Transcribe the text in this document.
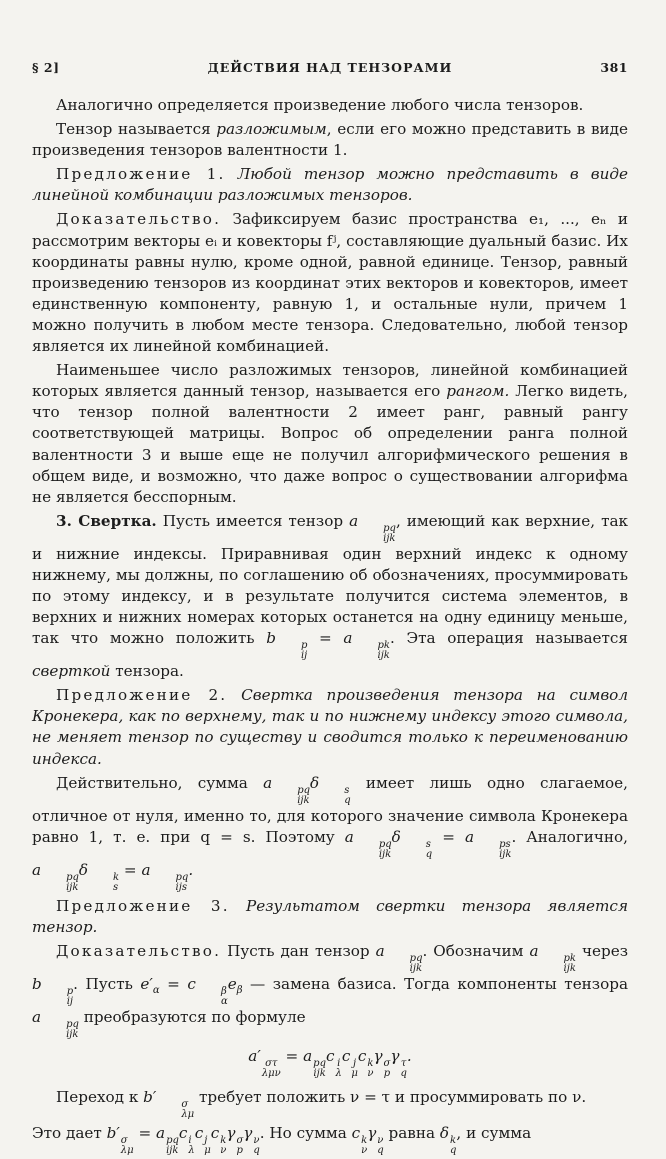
§ 2]	ДЕЙСТВИЯ НАД ТЕНЗОРАМИ	381

Аналогично определяется произведение любого числа тензоров.

Тензор называется разложимым, если его можно представить в виде произведения тензоров валентности 1.

Предложение 1. Любой тензор можно представить в виде линейной комбинации разложимых тензоров.

Доказательство. Зафиксируем базис пространства e₁, ..., eₙ и рассмотрим векторы eᵢ и ковекторы fʲ, составляющие дуальный базис. Их координаты равны нулю, кроме одной, равной единице. Тензор, равный произведению тензоров из координат этих векторов и ковекторов, имеет единственную компоненту, равную 1, и остальные нули, причем 1 можно получить в любом месте тензора. Следовательно, любой тензор является их линейной комбинацией.

Наименьшее число разложимых тензоров, линейной комбинацией которых является данный тензор, называется его рангом. Легко видеть, что тензор полной валентности 2 имеет ранг, равный рангу соответствующей матрицы. Вопрос об определении ранга полной валентности 3 и выше еще не получил алгорифмического решения в общем виде, и возможно, что даже вопрос о существовании алгорифма не является бесспорным.

3. Свертка. Пусть имеется тензор a	pq
ijk
, имеющий как верхние, так и нижние индексы. Приравнивая один верхний индекс к одному нижнему, мы должны, по соглашению об обозначениях, просуммировать по этому индексу, и в результате получится система элементов, в верхних и нижних номерах которых останется на одну единицу меньше, так что можно положить b	p
ij
= a	pk
ijk
. Эта операция называется сверткой тензора.

Предложение 2. Свертка произведения тензора на символ Кронекера, как по верхнему, так и по нижнему индексу этого символа, не меняет тензор по существу и сводится только к переименованию индекса.

Действительно, сумма a	pq
ijk
δ	s
q
имеет лишь одно слагаемое, отличное от нуля, именно то, для которого значение символа Кронекера равно 1, т. е. при q = s. Поэтому a	pq
ijk
δ	s
q
= a	ps
ijk
. Аналогично, a	pq
ijk
δ	k
s
= a	pq
ijs
.

Предложение 3. Результатом свертки тензора является тензор.

Доказательство. Пусть дан тензор a	pq
ijk
. Обозначим a	pk
ijk
через b	p
ij
. Пусть $e'_\alpha = c$	β
α
$e_\beta$ — замена базиса. Тогда компоненты тензора a	pq
ijk
преобразуются по формуле

a′ στ
λμν
= a pq
ijk
c i
λ
c j
μ
c k
ν
γ σ
p
γ τ
q
.

Переход к b′	σ
λμ
требует положить ν = τ и просуммировать по ν.

Это дает b′ σ
λμ
= a pq
ijk
c i
λ
c j
μ
c k
ν
γ σ
p
γ ν
q
. Но сумма c k
ν
γ ν
q
равна δ k
q
, и сумма
